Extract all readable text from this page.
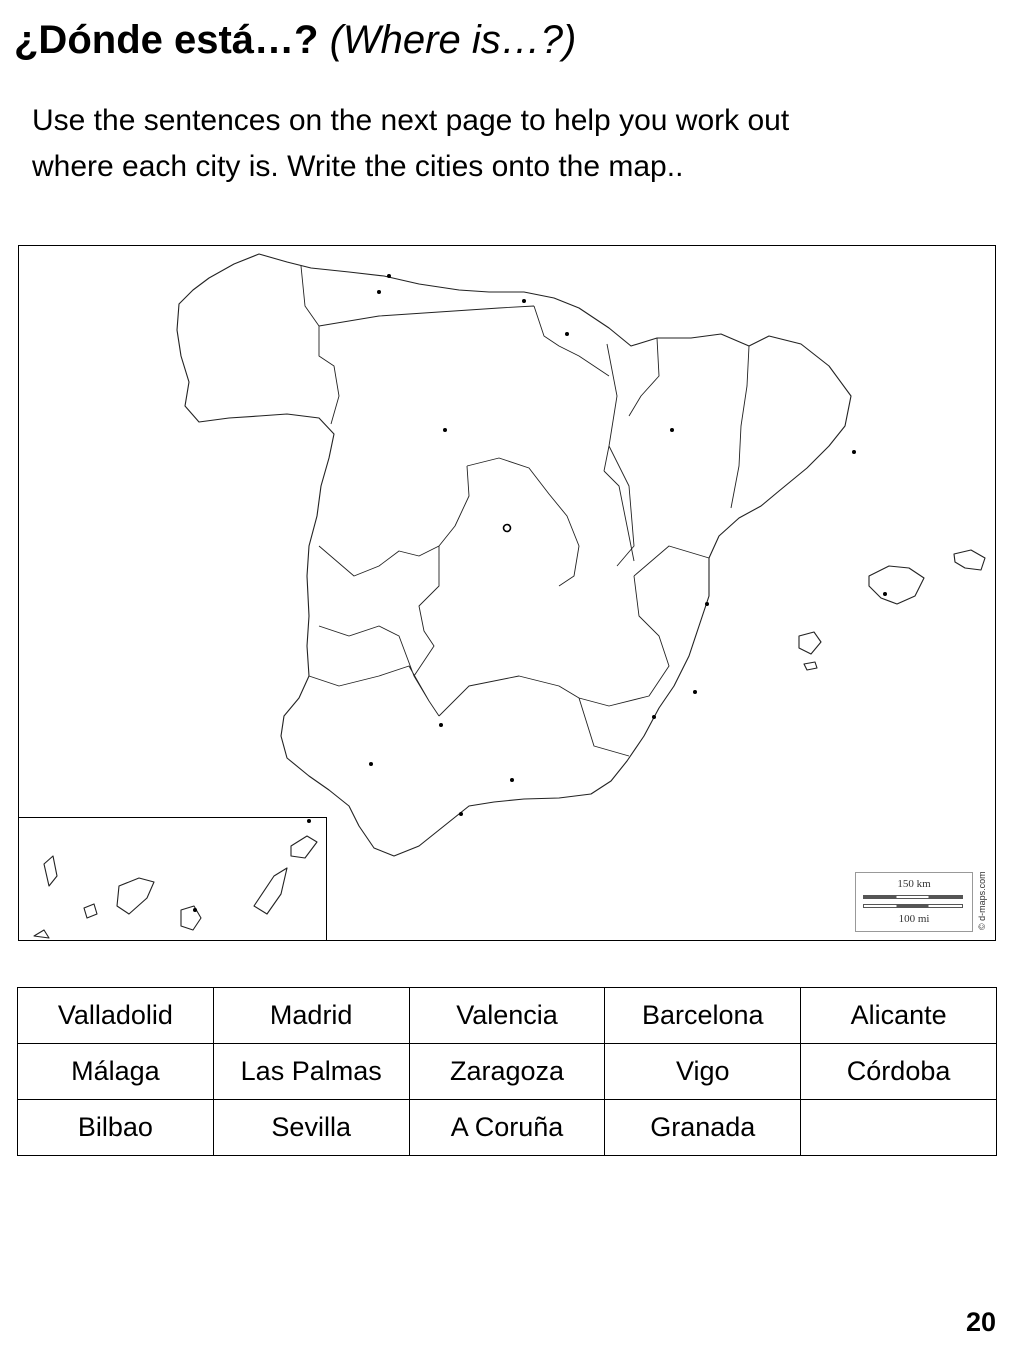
¿Dónde está…? (Where is…?)
Use the sentences on the next page to help you work out
where each city is. Write the cities onto the map..
150 km
100 mi	© d-maps.com
Valladolid	Madrid	Valencia	Barcelona	Alicante
Málaga	Las Palmas	Zaragoza	Vigo	Córdoba
Bilbao	Sevilla	A Coruña	Granada	
20
